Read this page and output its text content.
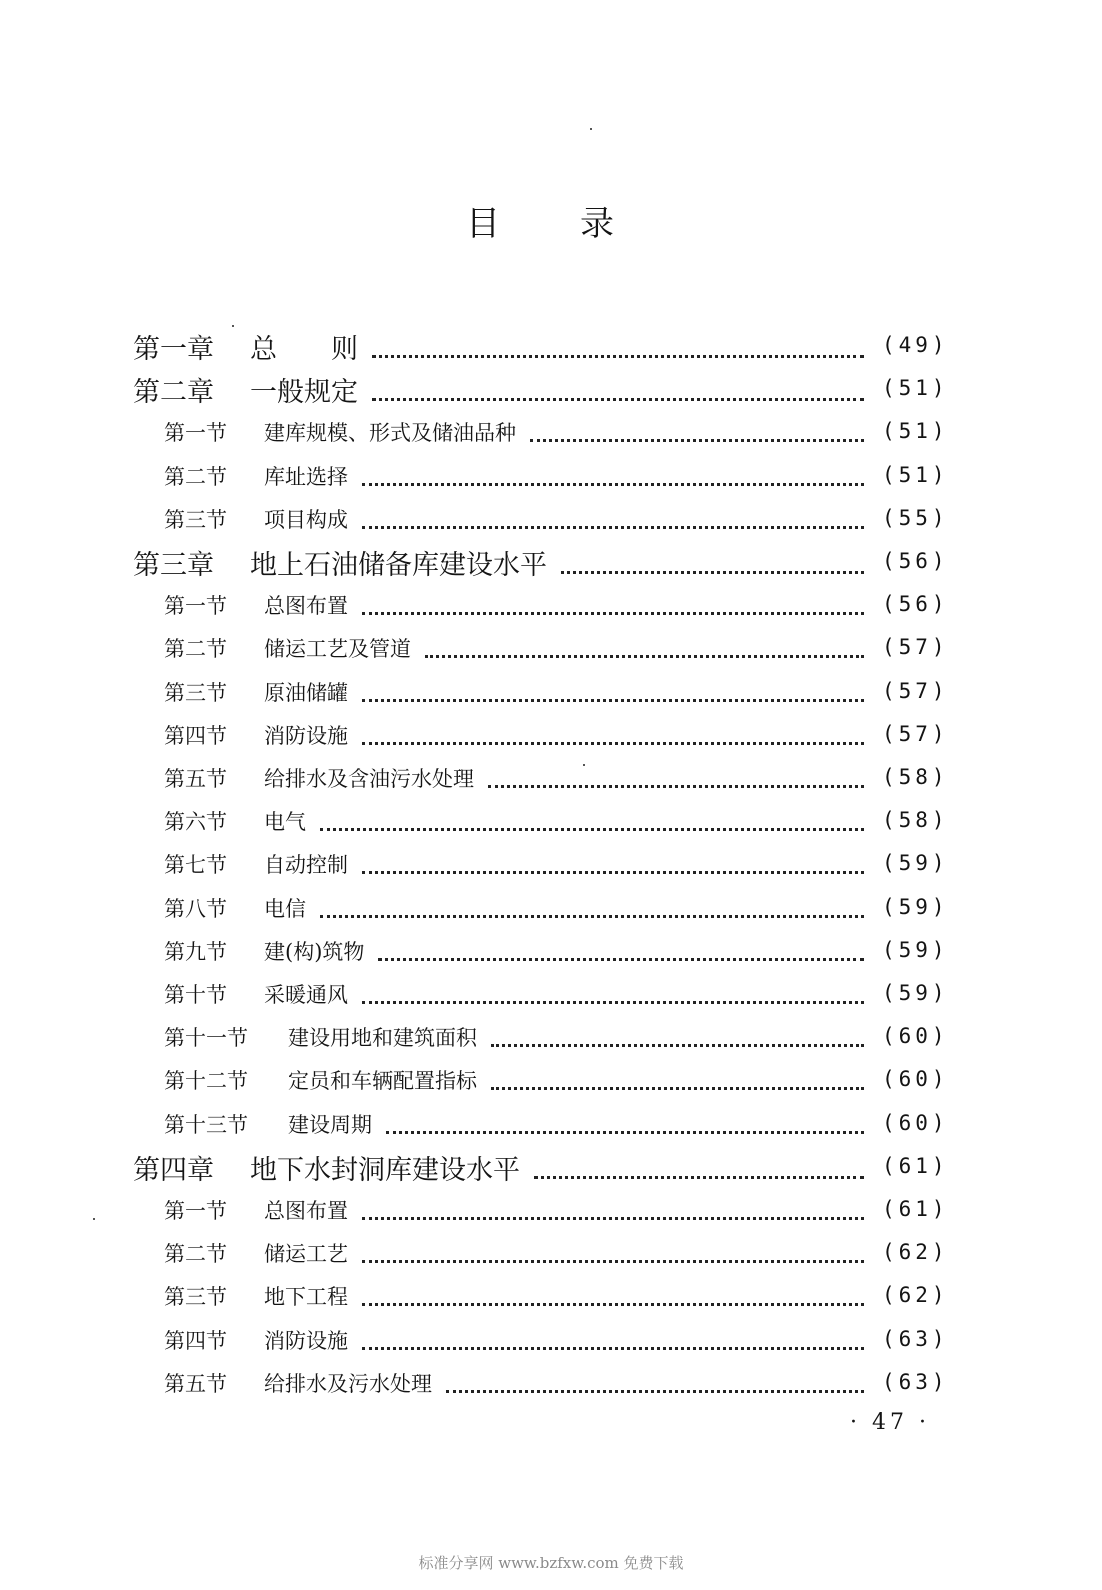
目 录
第一章 总　　则	(49)
第二章 一般规定	(51)
第一节 建库规模、形式及储油品种	(51)
第二节 库址选择	(51)
第三节 项目构成	(55)
第三章 地上石油储备库建设水平	(56)
第一节 总图布置	(56)
第二节 储运工艺及管道	(57)
第三节 原油储罐	(57)
第四节 消防设施	(57)
第五节 给排水及含油污水处理	(58)
第六节 电气	(58)
第七节 自动控制	(59)
第八节 电信	(59)
第九节 建(构)筑物	(59)
第十节 采暖通风	(59)
第十一节 建设用地和建筑面积	(60)
第十二节 定员和车辆配置指标	(60)
第十三节 建设周期	(60)
第四章 地下水封洞库建设水平	(61)
第一节 总图布置	(61)
第二节 储运工艺	(62)
第三节 地下工程	(62)
第四节 消防设施	(63)
第五节 给排水及污水处理	(63)
· 47 ·
标准分享网 www.bzfxw.com 免费下载
